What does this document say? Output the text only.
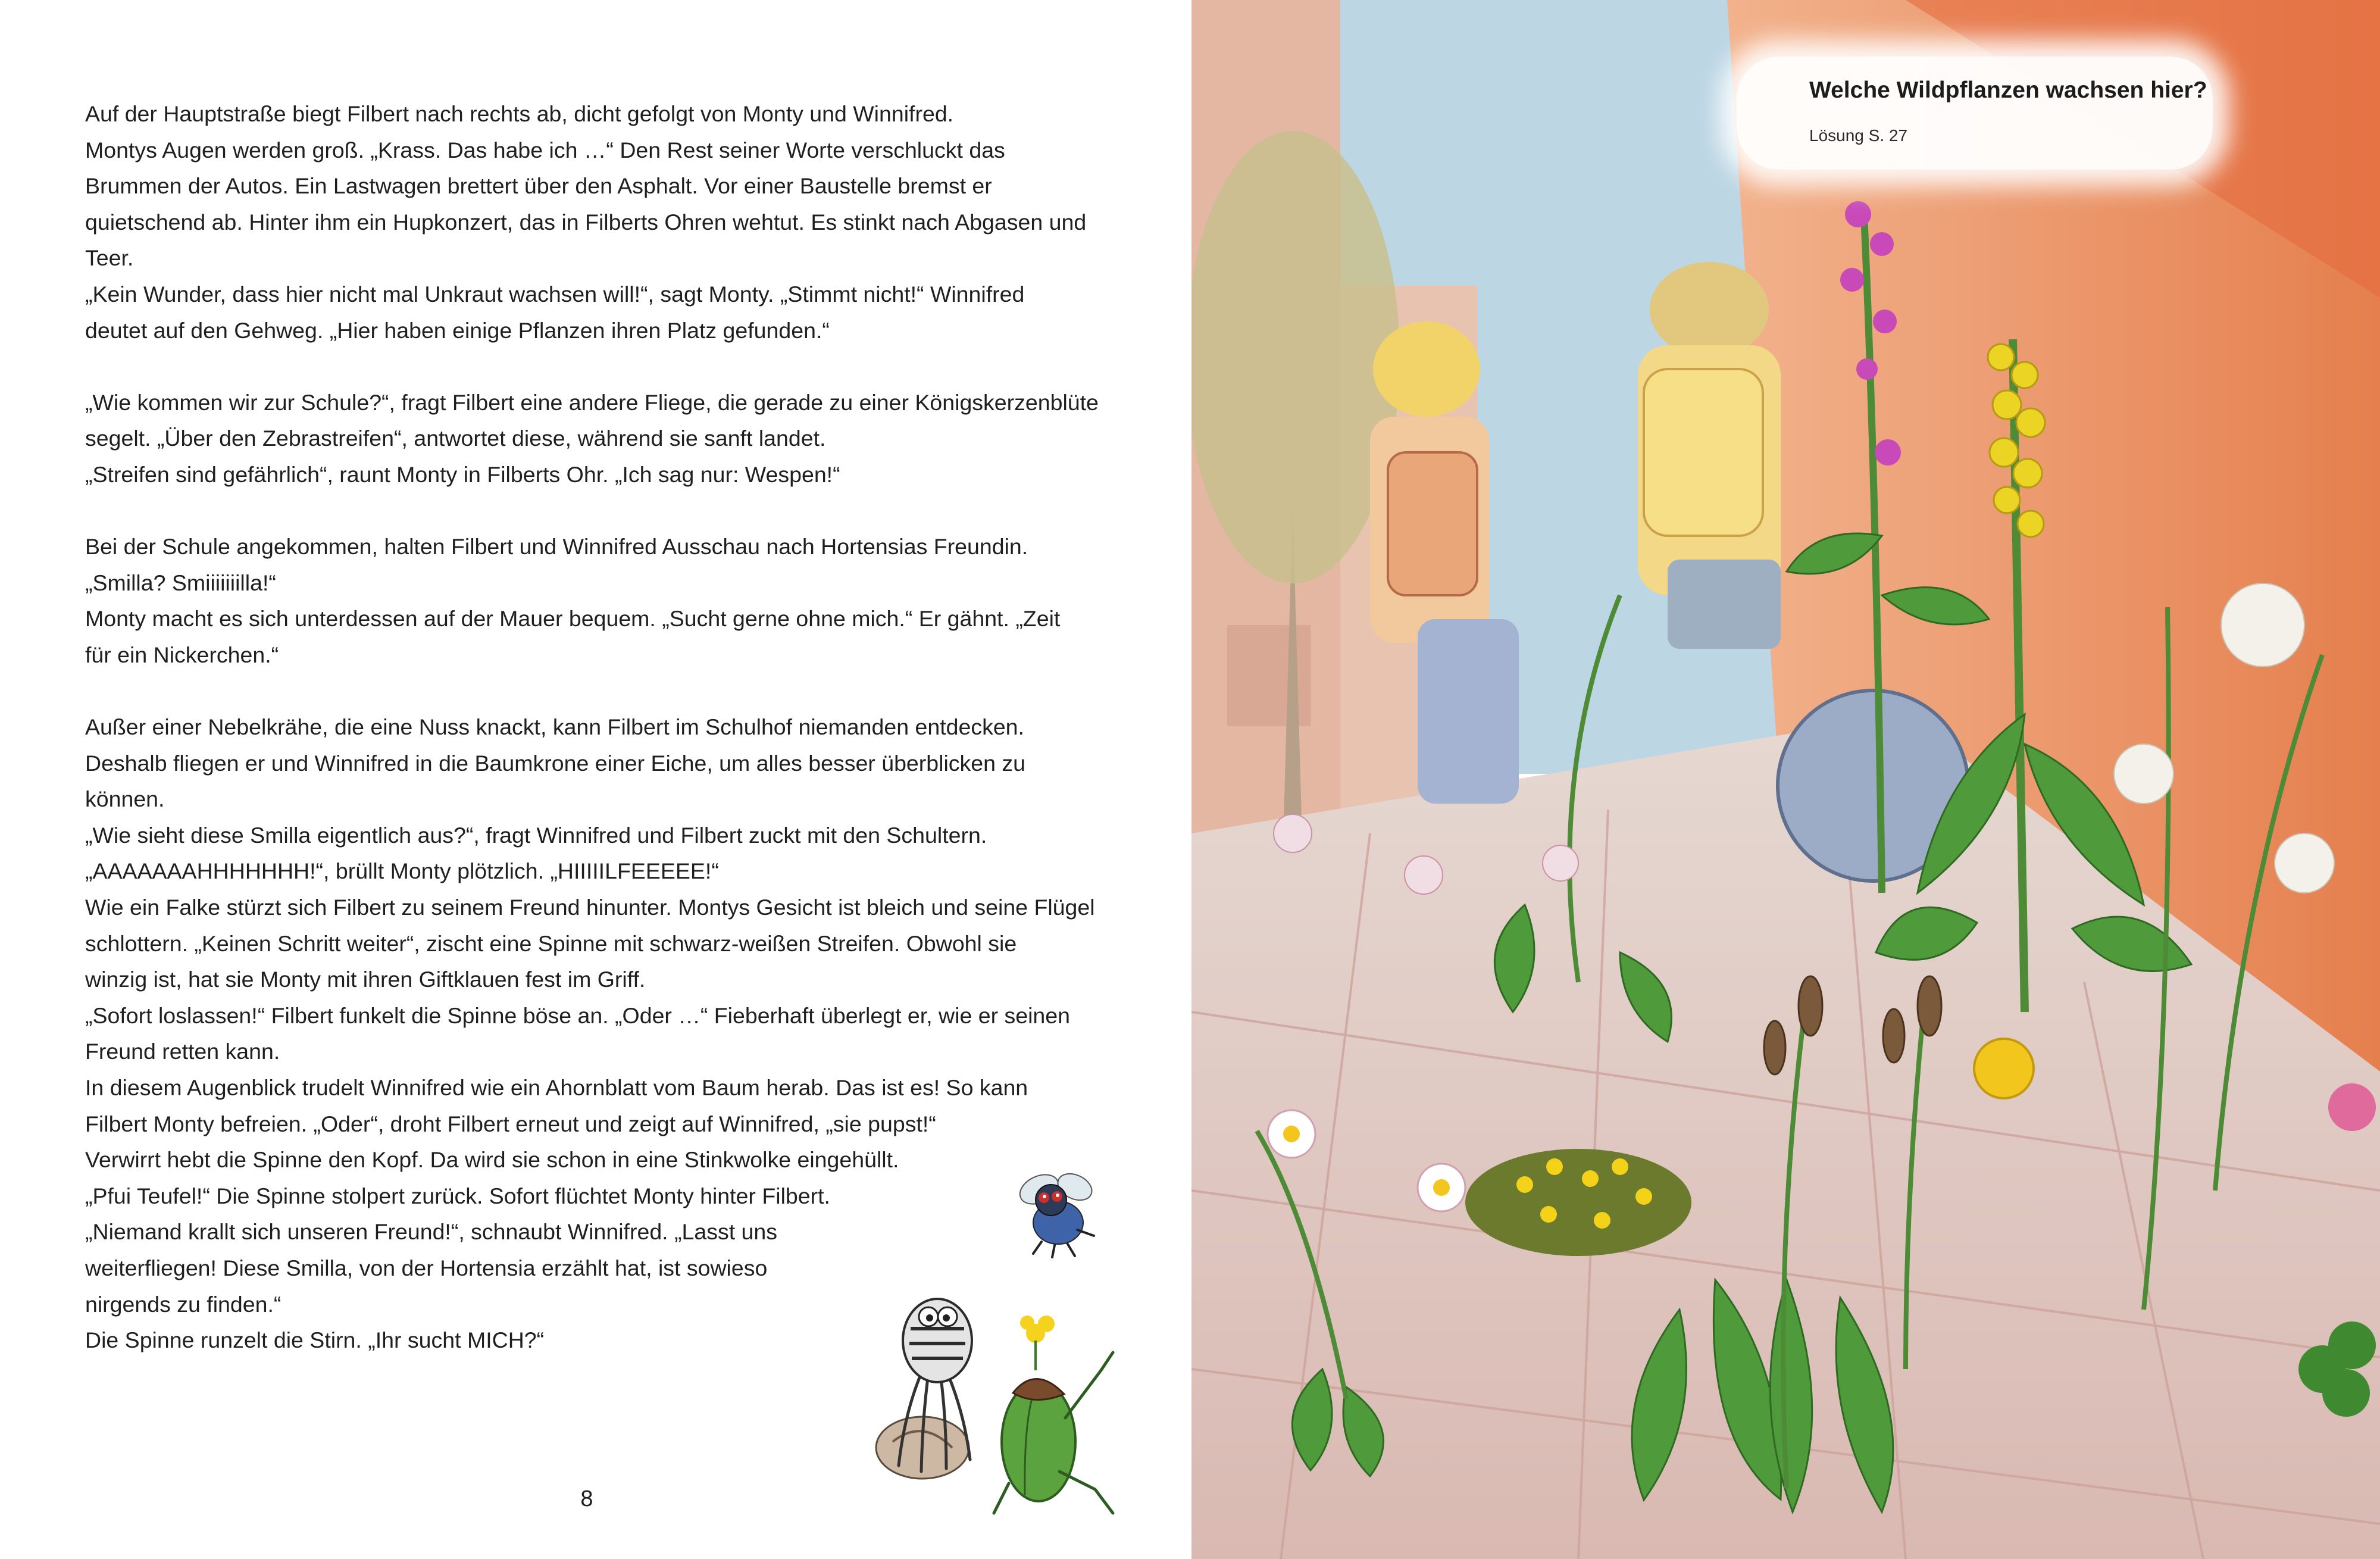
Auf der Hauptstraße biegt Filbert nach rechts ab, dicht gefolgt von Monty und Winnifred.

Montys Augen werden groß. „Krass. Das habe ich …“ Den Rest seiner Worte verschluckt das

Brummen der Autos. Ein Lastwagen brettert über den Asphalt. Vor einer Baustelle bremst er

quietschend ab. Hinter ihm ein Hupkonzert, das in Filberts Ohren wehtut. Es stinkt nach Abgasen und

Teer.

„Kein Wunder, dass hier nicht mal Unkraut wachsen will!“, sagt Monty. „Stimmt nicht!“ Winnifred

deutet auf den Gehweg. „Hier haben einige Pflanzen ihren Platz gefunden.“

„Wie kommen wir zur Schule?“, fragt Filbert eine andere Fliege, die gerade zu einer Königskerzenblüte

segelt. „Über den Zebrastreifen“, antwortet diese, während sie sanft landet.

„Streifen sind gefährlich“, raunt Monty in Filberts Ohr. „Ich sag nur: Wespen!“

Bei der Schule angekommen, halten Filbert und Winnifred Ausschau nach Hortensias Freundin.

„Smilla? Smiiiiiiilla!“

Monty macht es sich unterdessen auf der Mauer bequem. „Sucht gerne ohne mich.“ Er gähnt. „Zeit

für ein Nickerchen.“

Außer einer Nebelkrähe, die eine Nuss knackt, kann Filbert im Schulhof niemanden entdecken.

Deshalb fliegen er und Winnifred in die Baumkrone einer Eiche, um alles besser überblicken zu

können.

„Wie sieht diese Smilla eigentlich aus?“, fragt Winnifred und Filbert zuckt mit den Schultern.

„AAAAAAAHHHHHHH!“, brüllt Monty plötzlich. „HIIIIILFEEEEE!“

Wie ein Falke stürzt sich Filbert zu seinem Freund hinunter. Montys Gesicht ist bleich und seine Flügel

schlottern. „Keinen Schritt weiter“, zischt eine Spinne mit schwarz-weißen Streifen. Obwohl sie

winzig ist, hat sie Monty mit ihren Giftklauen fest im Griff.

„Sofort loslassen!“ Filbert funkelt die Spinne böse an. „Oder …“ Fieberhaft überlegt er, wie er seinen

Freund retten kann.

In diesem Augenblick trudelt Winnifred wie ein Ahornblatt vom Baum herab. Das ist es! So kann

Filbert Monty befreien. „Oder“, droht Filbert erneut und zeigt auf Winnifred, „sie pupst!“

Verwirrt hebt die Spinne den Kopf. Da wird sie schon in eine Stinkwolke eingehüllt.

„Pfui Teufel!“ Die Spinne stolpert zurück. Sofort flüchtet Monty hinter Filbert.

„Niemand krallt sich unseren Freund!“, schnaubt Winnifred. „Lasst uns

weiterfliegen! Diese Smilla, von der Hortensia erzählt hat, ist sowieso

nirgends zu finden.“

Die Spinne runzelt die Stirn. „Ihr sucht MICH?“

8
Welche Wildpflanzen wachsen hier?
Lösung S. 27
